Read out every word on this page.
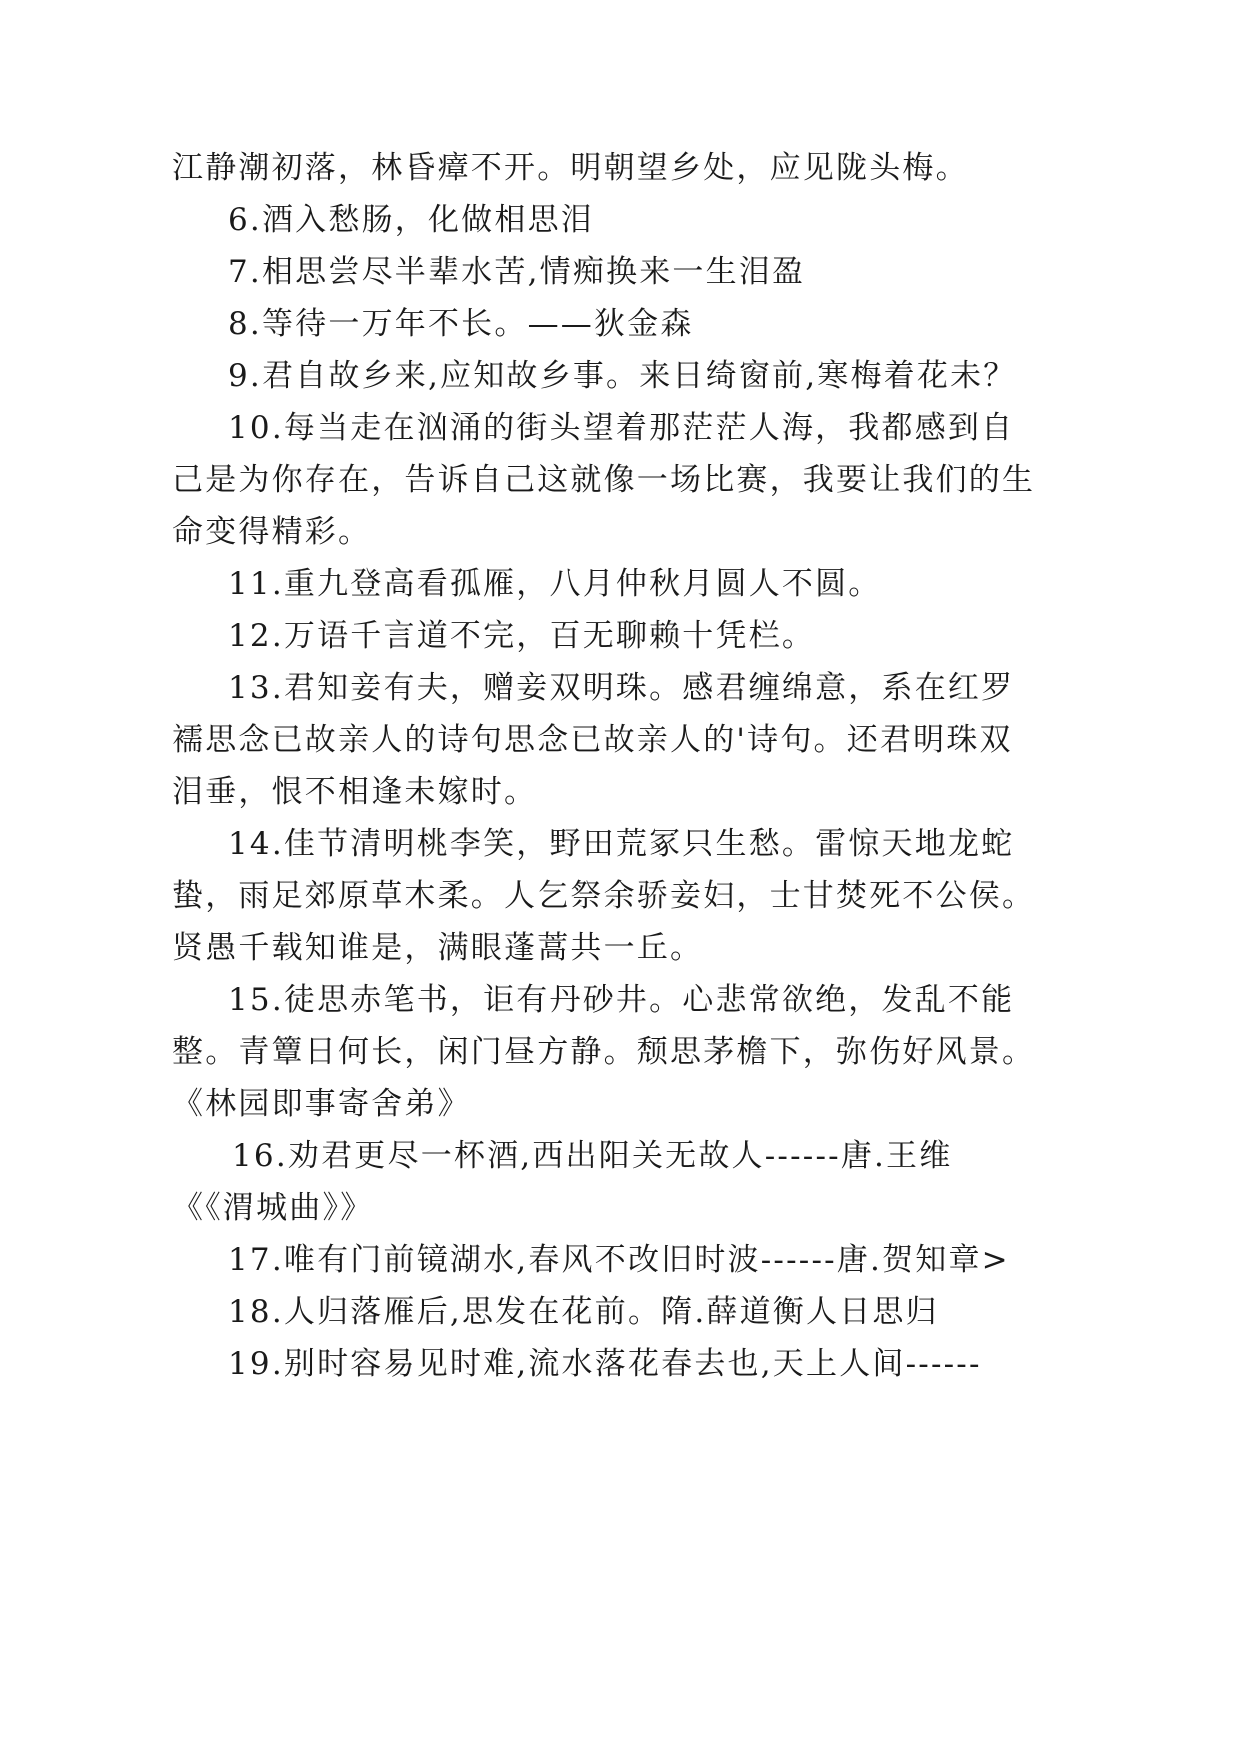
江静潮初落，林昏瘴不开。明朝望乡处，应见陇头梅。
6.酒入愁肠，化做相思泪
7.相思尝尽半辈水苦,情痴换来一生泪盈
8.等待一万年不长。——狄金森
9.君自故乡来,应知故乡事。来日绮窗前,寒梅着花未？
10.每当走在汹涌的街头望着那茫茫人海，我都感到自
己是为你存在，告诉自己这就像一场比赛，我要让我们的生
命变得精彩。
11.重九登高看孤雁，八月仲秋月圆人不圆。
12.万语千言道不完，百无聊赖十凭栏。
13.君知妾有夫，赠妾双明珠。感君缠绵意，系在红罗
襦思念已故亲人的诗句思念已故亲人的'诗句。还君明珠双
泪垂，恨不相逢未嫁时。
14.佳节清明桃李笑，野田荒冢只生愁。雷惊天地龙蛇
蛰，雨足郊原草木柔。人乞祭余骄妾妇，士甘焚死不公侯。
贤愚千载知谁是，满眼蓬蒿共一丘。
15.徒思赤笔书，讵有丹砂井。心悲常欲绝，发乱不能
整。青簟日何长，闲门昼方静。颓思茅檐下，弥伤好风景。
《林园即事寄舍弟》
16.劝君更尽一杯酒,西出阳关无故人------唐.王维
《《渭城曲》》
17.唯有门前镜湖水,春风不改旧时波------唐.贺知章>
18.人归落雁后,思发在花前。隋.薛道衡人日思归
19.别时容易见时难,流水落花春去也,天上人间------
